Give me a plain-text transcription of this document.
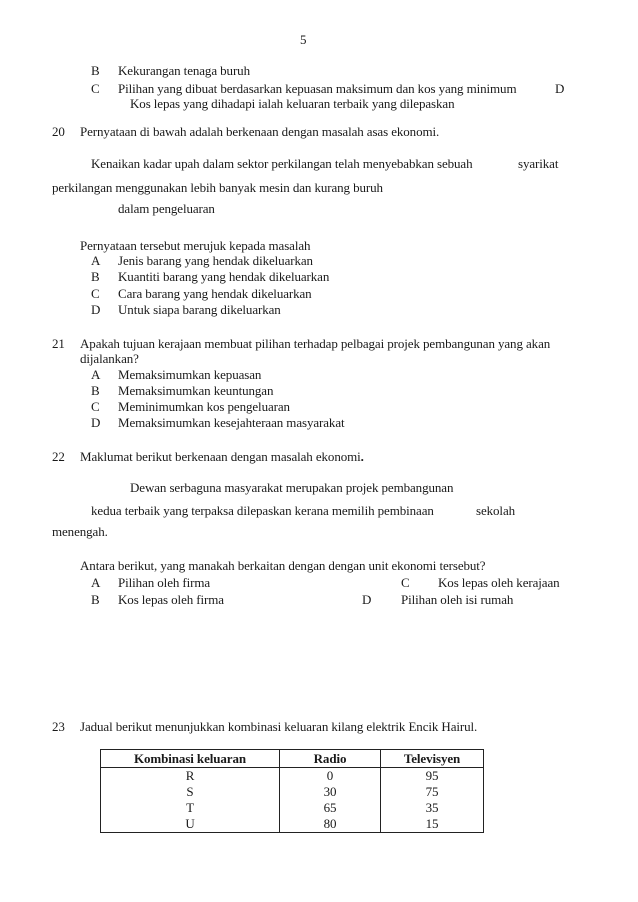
5
B Kekurangan tenaga buruh
C Pilihan yang dibuat berdasarkan kepuasan maksimum dan kos yang minimum	D
Kos lepas yang dihadapi ialah keluaran terbaik yang dilepaskan
20 Pernyataan di bawah adalah berkenaan dengan masalah asas ekonomi.
Kenaikan kadar upah dalam sektor perkilangan telah menyebabkan sebuah	syarikat
perkilangan menggunakan lebih banyak mesin dan kurang buruh
dalam pengeluaran
Pernyataan tersebut merujuk kepada masalah
A Jenis barang yang hendak dikeluarkan
B Kuantiti barang yang hendak dikeluarkan
C Cara barang yang hendak dikeluarkan
D Untuk siapa barang dikeluarkan
21 Apakah tujuan kerajaan membuat pilihan terhadap pelbagai projek pembangunan yang akan
dijalankan?
A Memaksimumkan kepuasan
B Memaksimumkan keuntungan
C Meminimumkan kos pengeluaran
D Memaksimumkan kesejahteraan masyarakat
22 Maklumat berikut berkenaan dengan masalah ekonomi.
Dewan serbaguna masyarakat merupakan projek pembangunan
kedua terbaik yang terpaksa dilepaskan kerana memilih pembinaan	sekolah
menengah.
Antara berikut, yang manakah berkaitan dengan dengan unit ekonomi tersebut?
A Pilihan oleh firma	C Kos lepas oleh kerajaan
B Kos lepas oleh firma	D Pilihan oleh isi rumah
23 Jadual berikut menunjukkan kombinasi keluaran kilang elektrik Encik Hairul.
Kombinasi keluaran	Radio	Televisyen
R	0	95
S	30	75
T	65	35
U	80	15
